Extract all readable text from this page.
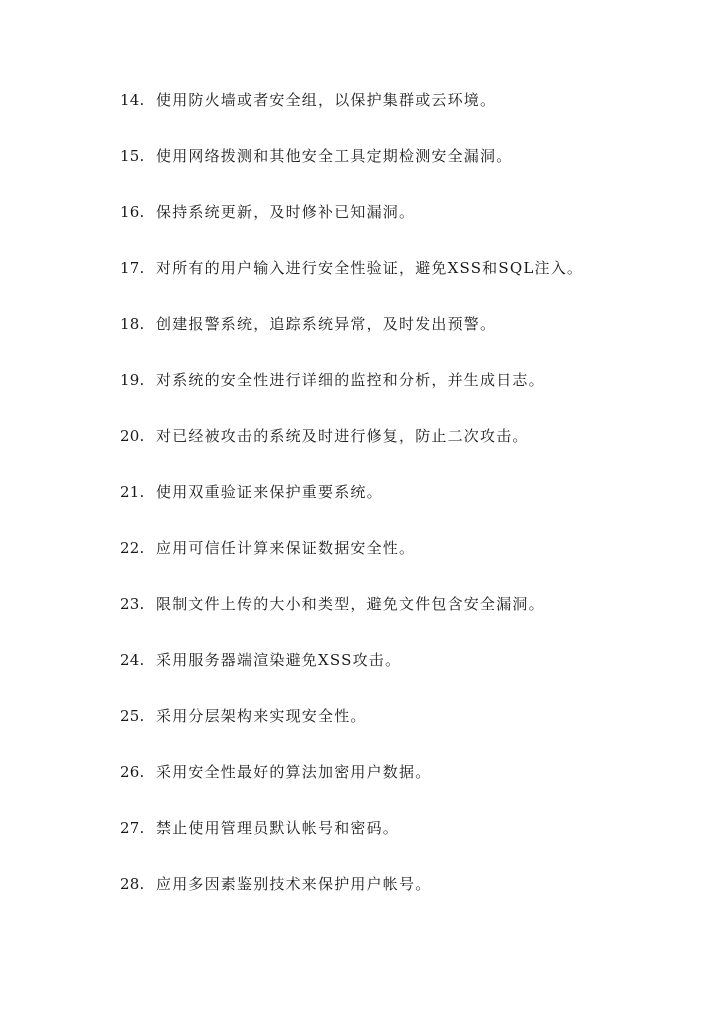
14. 使用防火墙或者安全组，以保护集群或云环境。
15. 使用网络拨测和其他安全工具定期检测安全漏洞。
16. 保持系统更新，及时修补已知漏洞。
17. 对所有的用户输入进行安全性验证，避免XSS和SQL注入。
18. 创建报警系统，追踪系统异常，及时发出预警。
19. 对系统的安全性进行详细的监控和分析，并生成日志。
20. 对已经被攻击的系统及时进行修复，防止二次攻击。
21. 使用双重验证来保护重要系统。
22. 应用可信任计算来保证数据安全性。
23. 限制文件上传的大小和类型，避免文件包含安全漏洞。
24. 采用服务器端渲染避免XSS攻击。
25. 采用分层架构来实现安全性。
26. 采用安全性最好的算法加密用户数据。
27. 禁止使用管理员默认帐号和密码。
28. 应用多因素鉴别技术来保护用户帐号。
